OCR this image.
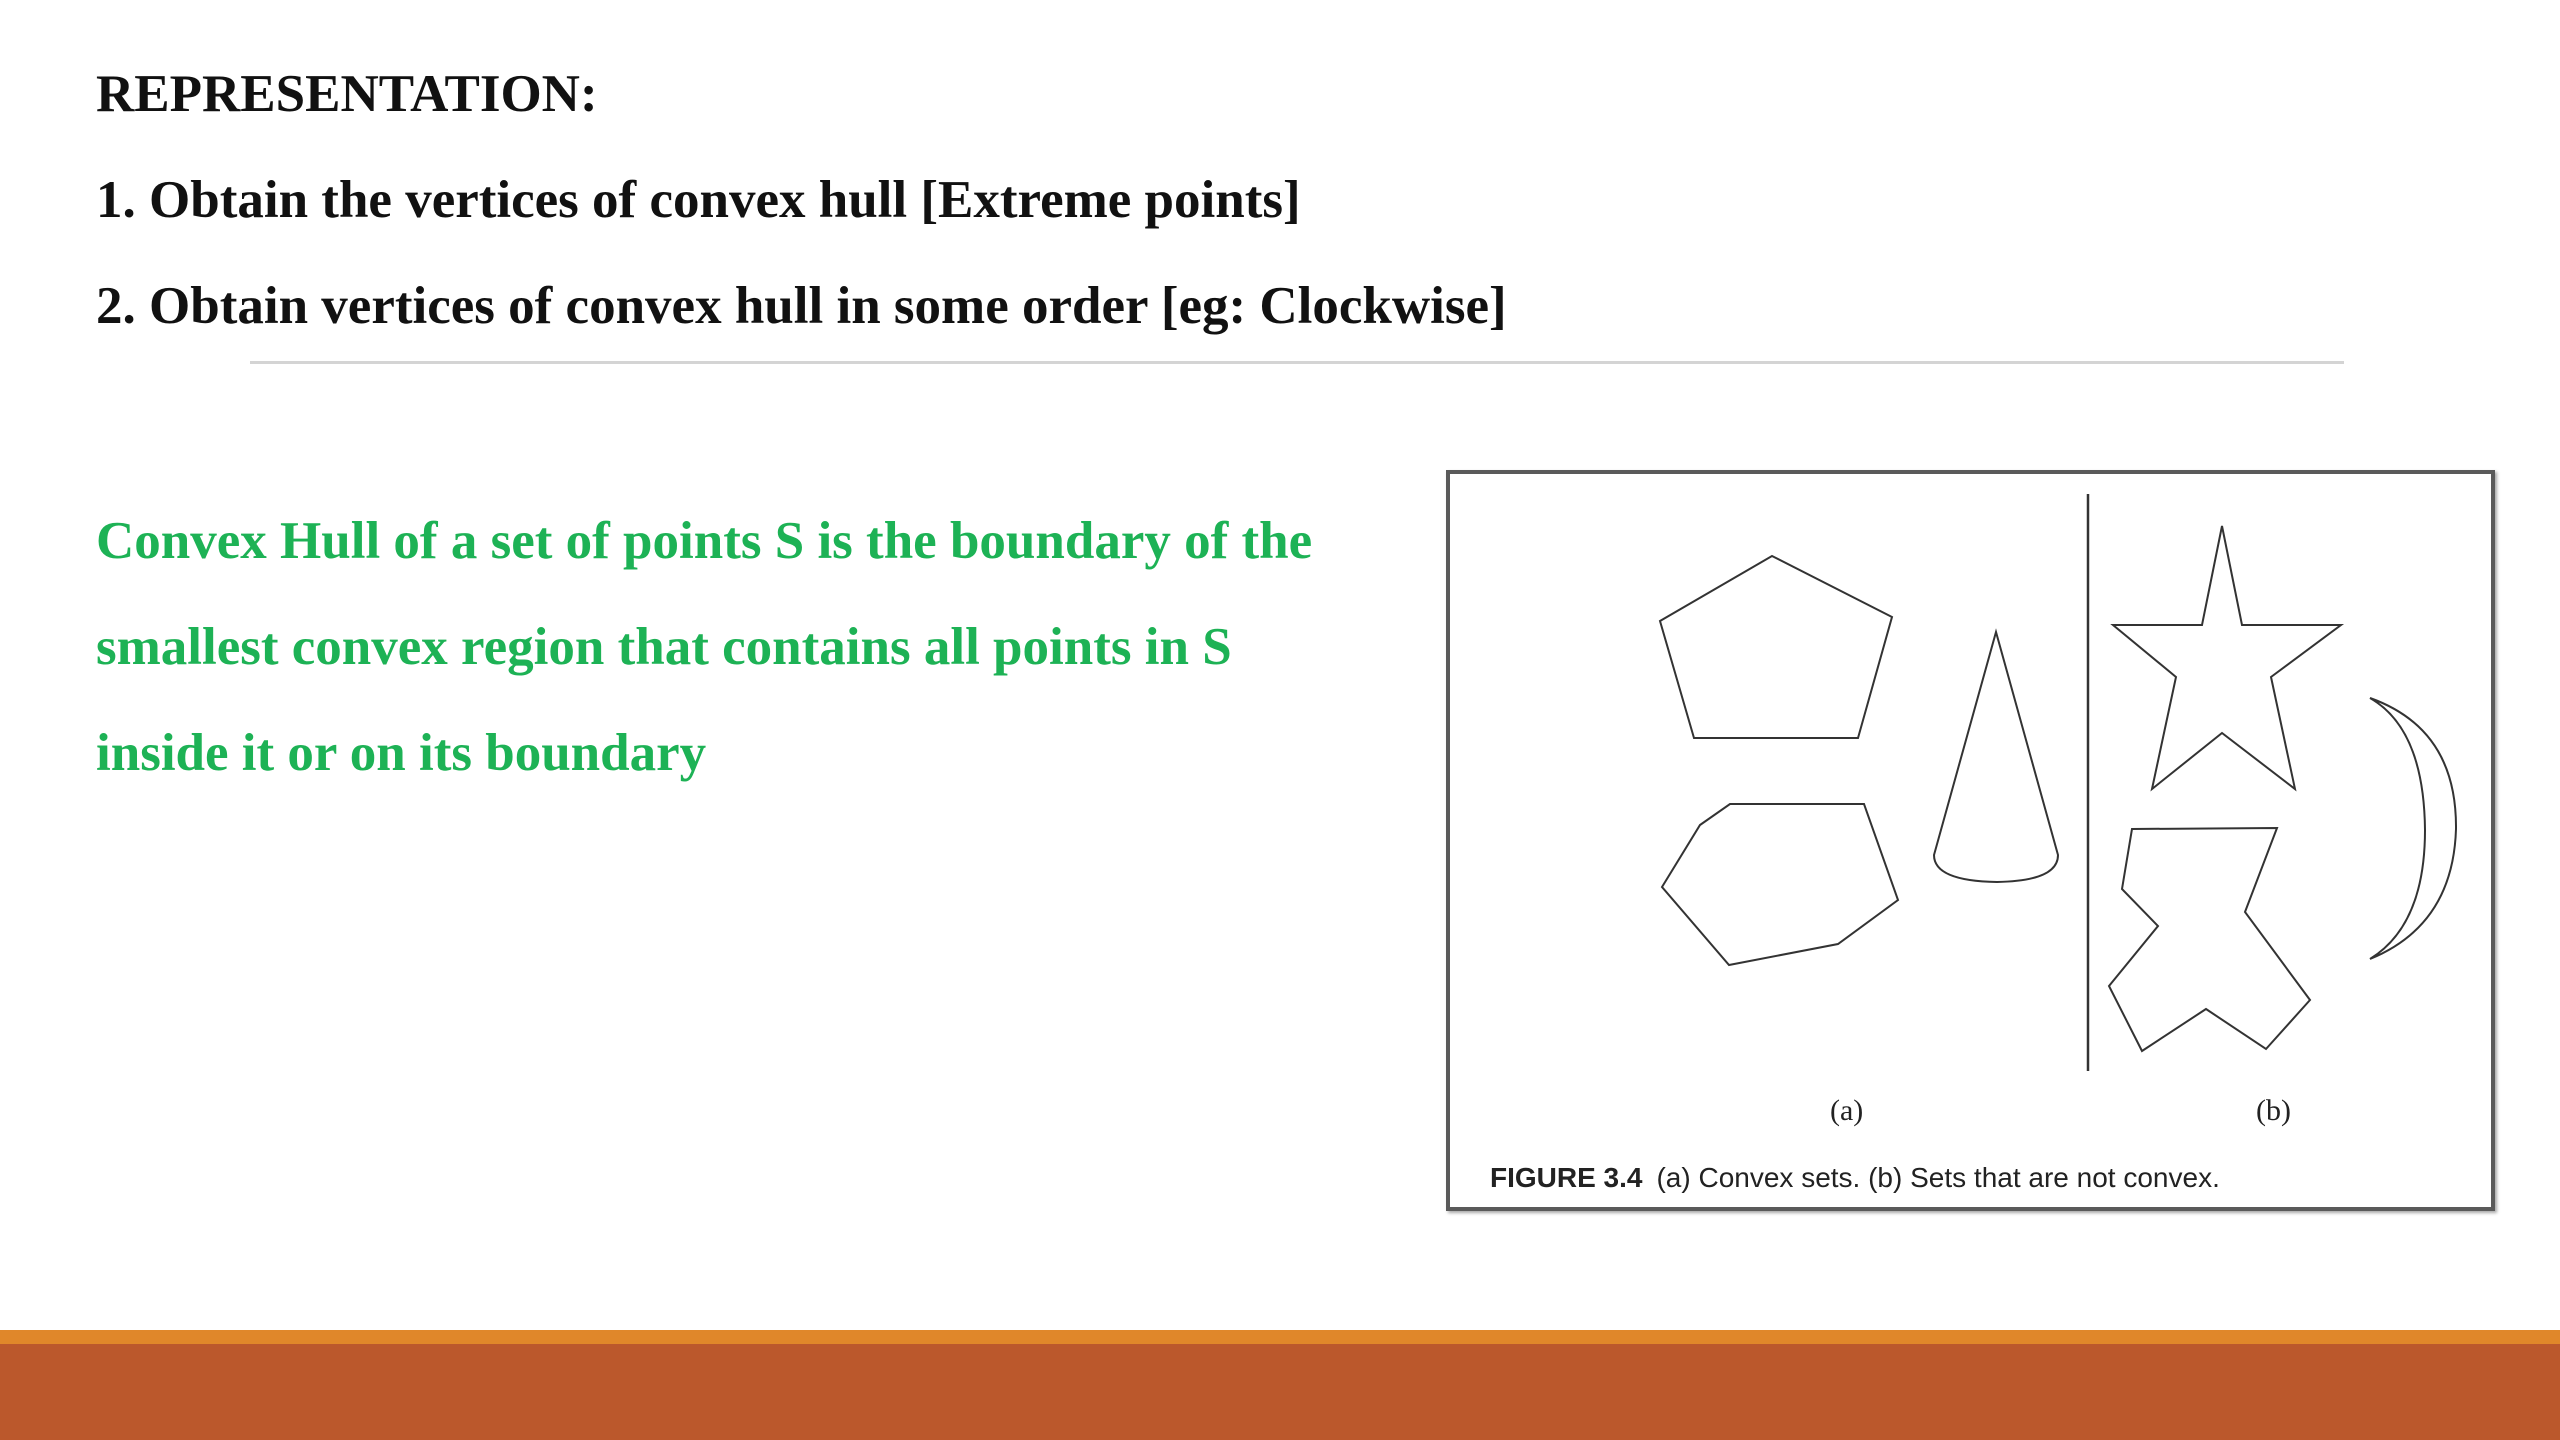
REPRESENTATION:

1. Obtain the vertices of convex hull [Extreme points]

2. Obtain vertices of convex hull in some order [eg: Clockwise]

Convex Hull of a set of points S is the boundary of the
smallest convex region that contains all points in S
inside it or on its boundary

(a)	(b)
FIGURE 3.4 (a) Convex sets. (b) Sets that are not convex.
